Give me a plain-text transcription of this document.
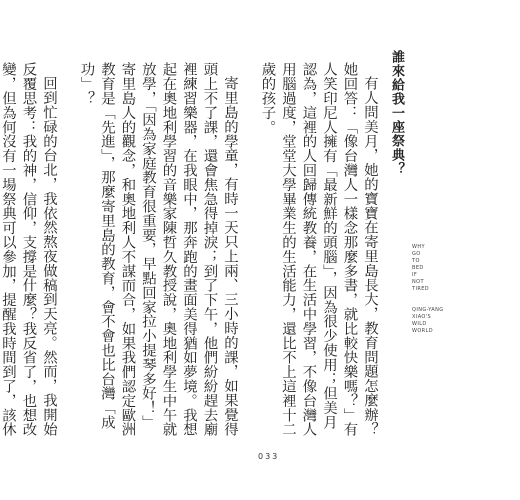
誰來給我一座祭典？

有人問美月，她的寶寶在寄里島長大，教育問題怎麼辦？她回答：「像台灣人一樣念那麼多書，就比較快樂嗎？」有人笑印尼人擁有「最新鮮的頭腦」，因為很少使用；但美月認為，這裡的人回歸傳統教養，在生活中學習，不像台灣人用腦過度，堂堂大學畢業生的生活能力，還比不上這裡十二歲的孩子。

寄里島的學童，有時一天只上兩、三小時的課，如果覺得頭上不了課，還會焦急得掉淚；到了下午，他們紛紛趕去廟裡練習樂器，在我眼中，那奔跑的畫面美得猶如夢境。我想起在奧地利學習的音樂家陳哲久教授說，奧地利學生中午就放學，「因為家庭教育很重要，早點回家拉小提琴多好！」寄里島人的觀念，和奧地利人不謀而合，如果我們認定歐洲教育是「先進」，那麼寄里島的教育，會不會也比台灣「成功」？

回到忙碌的台北，我依然熬夜做稿到天亮。然而，我開始反覆思考：我的神，信仰，支撐是什麼？我反省了，也想改變，但為何沒有一場祭典可以參加，提醒我時間到了，該休

WHY
GO
TO
BED
IF
NOT
TIRED
QING-YANG
XIAO'S
WILD
WORLD
033
